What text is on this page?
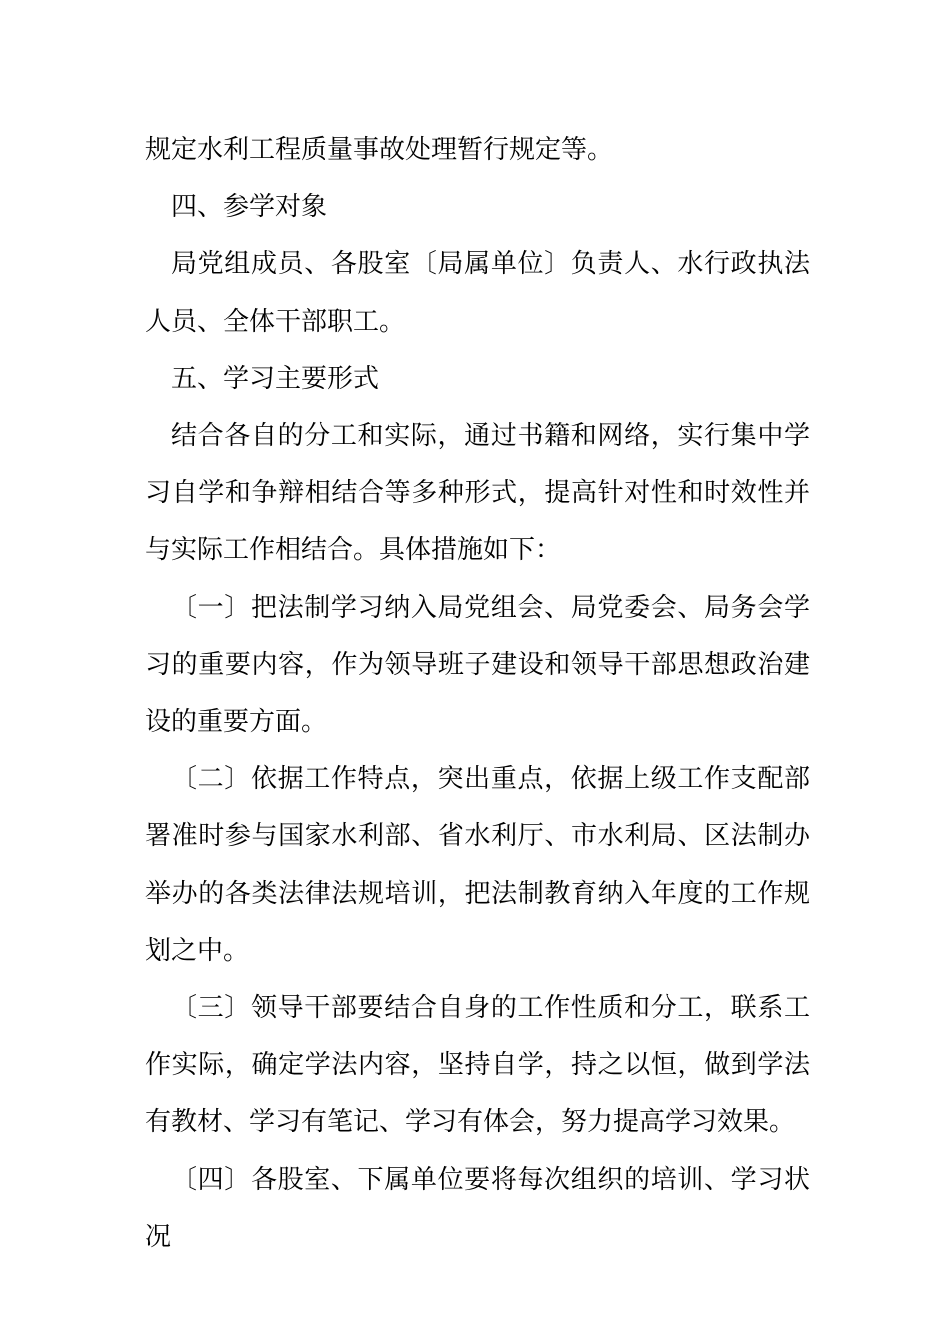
规定水利工程质量事故处理暂行规定等。

四、参学对象

局党组成员、各股室〔局属单位〕负责人、水行政执法人员、全体干部职工。

五、学习主要形式

结合各自的分工和实际，通过书籍和网络，实行集中学习自学和争辩相结合等多种形式，提高针对性和时效性并与实际工作相结合。具体措施如下：

〔一〕把法制学习纳入局党组会、局党委会、局务会学习的重要内容，作为领导班子建设和领导干部思想政治建设的重要方面。

〔二〕依据工作特点，突出重点，依据上级工作支配部署准时参与国家水利部、省水利厅、市水利局、区法制办举办的各类法律法规培训，把法制教育纳入年度的工作规划之中。

〔三〕领导干部要结合自身的工作性质和分工，联系工作实际，确定学法内容，坚持自学，持之以恒，做到学法有教材、学习有笔记、学习有体会，努力提高学习效果。

〔四〕各股室、下属单位要将每次组织的培训、学习状况
